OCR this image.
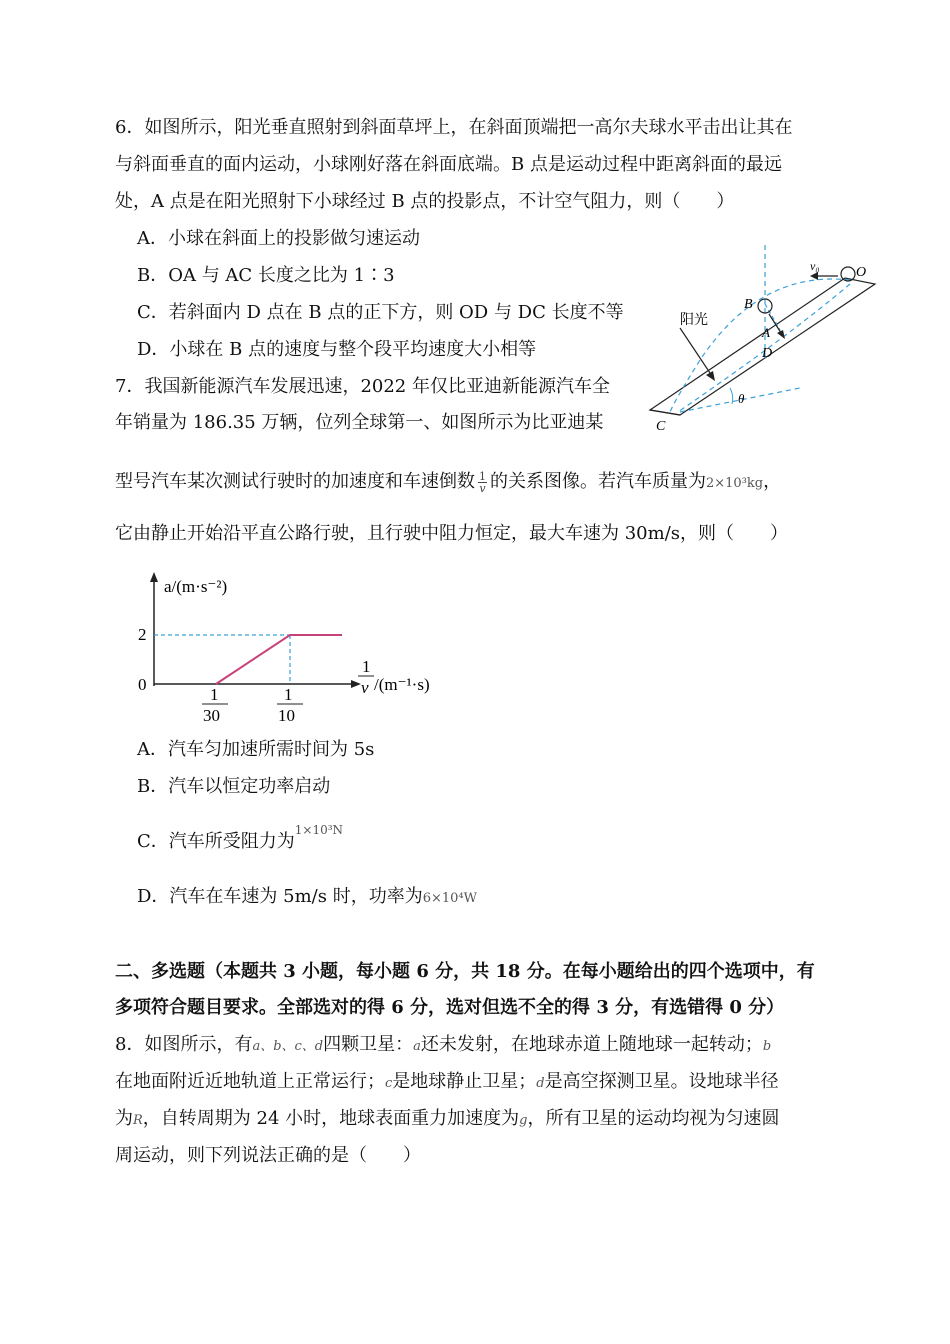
6．如图所示，阳光垂直照射到斜面草坪上，在斜面顶端把一高尔夫球水平击出让其在
与斜面垂直的面内运动，小球刚好落在斜面底端。B 点是运动过程中距离斜面的最远
处，A 点是在阳光照射下小球经过 B 点的投影点，不计空气阻力，则（　　）
A．小球在斜面上的投影做匀速运动
B．OA 与 AC 长度之比为 1∶3
C．若斜面内 D 点在 B 点的正下方，则 OD 与 DC 长度不等
D．小球在 B 点的速度与整个段平均速度大小相等
θ
O
v₀
B
A
D
阳光
C
7．我国新能源汽车发展迅速，2022 年仅比亚迪新能源汽车全
年销量为 186.35 万辆，位列全球第一、如图所示为比亚迪某
型号汽车某次测试行驶时的加速度和车速倒数 $\frac{1}{v}$ 的关系图像。若汽车质量为2×10³kg，
它由静止开始沿平直公路行驶，且行驶中阻力恒定，最大车速为 30m/s，则（　　）
a/(m·s⁻²)
0
2
1
30
1
10
1
v /(m⁻¹·s)
A．汽车匀加速所需时间为 5s
B．汽车以恒定功率启动
C．汽车所受阻力为$^{1\times 10^3N}$
D．汽车在车速为 5m/s 时，功率为6×10⁴W
二、多选题（本题共 3 小题，每小题 6 分，共 18 分。在每小题给出的四个选项中，有
多项符合题目要求。全部选对的得 6 分，选对但选不全的得 3 分，有选错得 0 分）
8．如图所示，有a、b、c、d四颗卫星：a还未发射，在地球赤道上随地球一起转动；b
在地面附近近地轨道上正常运行；c是地球静止卫星；d是高空探测卫星。设地球半径
为R，自转周期为 24 小时，地球表面重力加速度为g，所有卫星的运动均视为匀速圆
周运动，则下列说法正确的是（　　）
